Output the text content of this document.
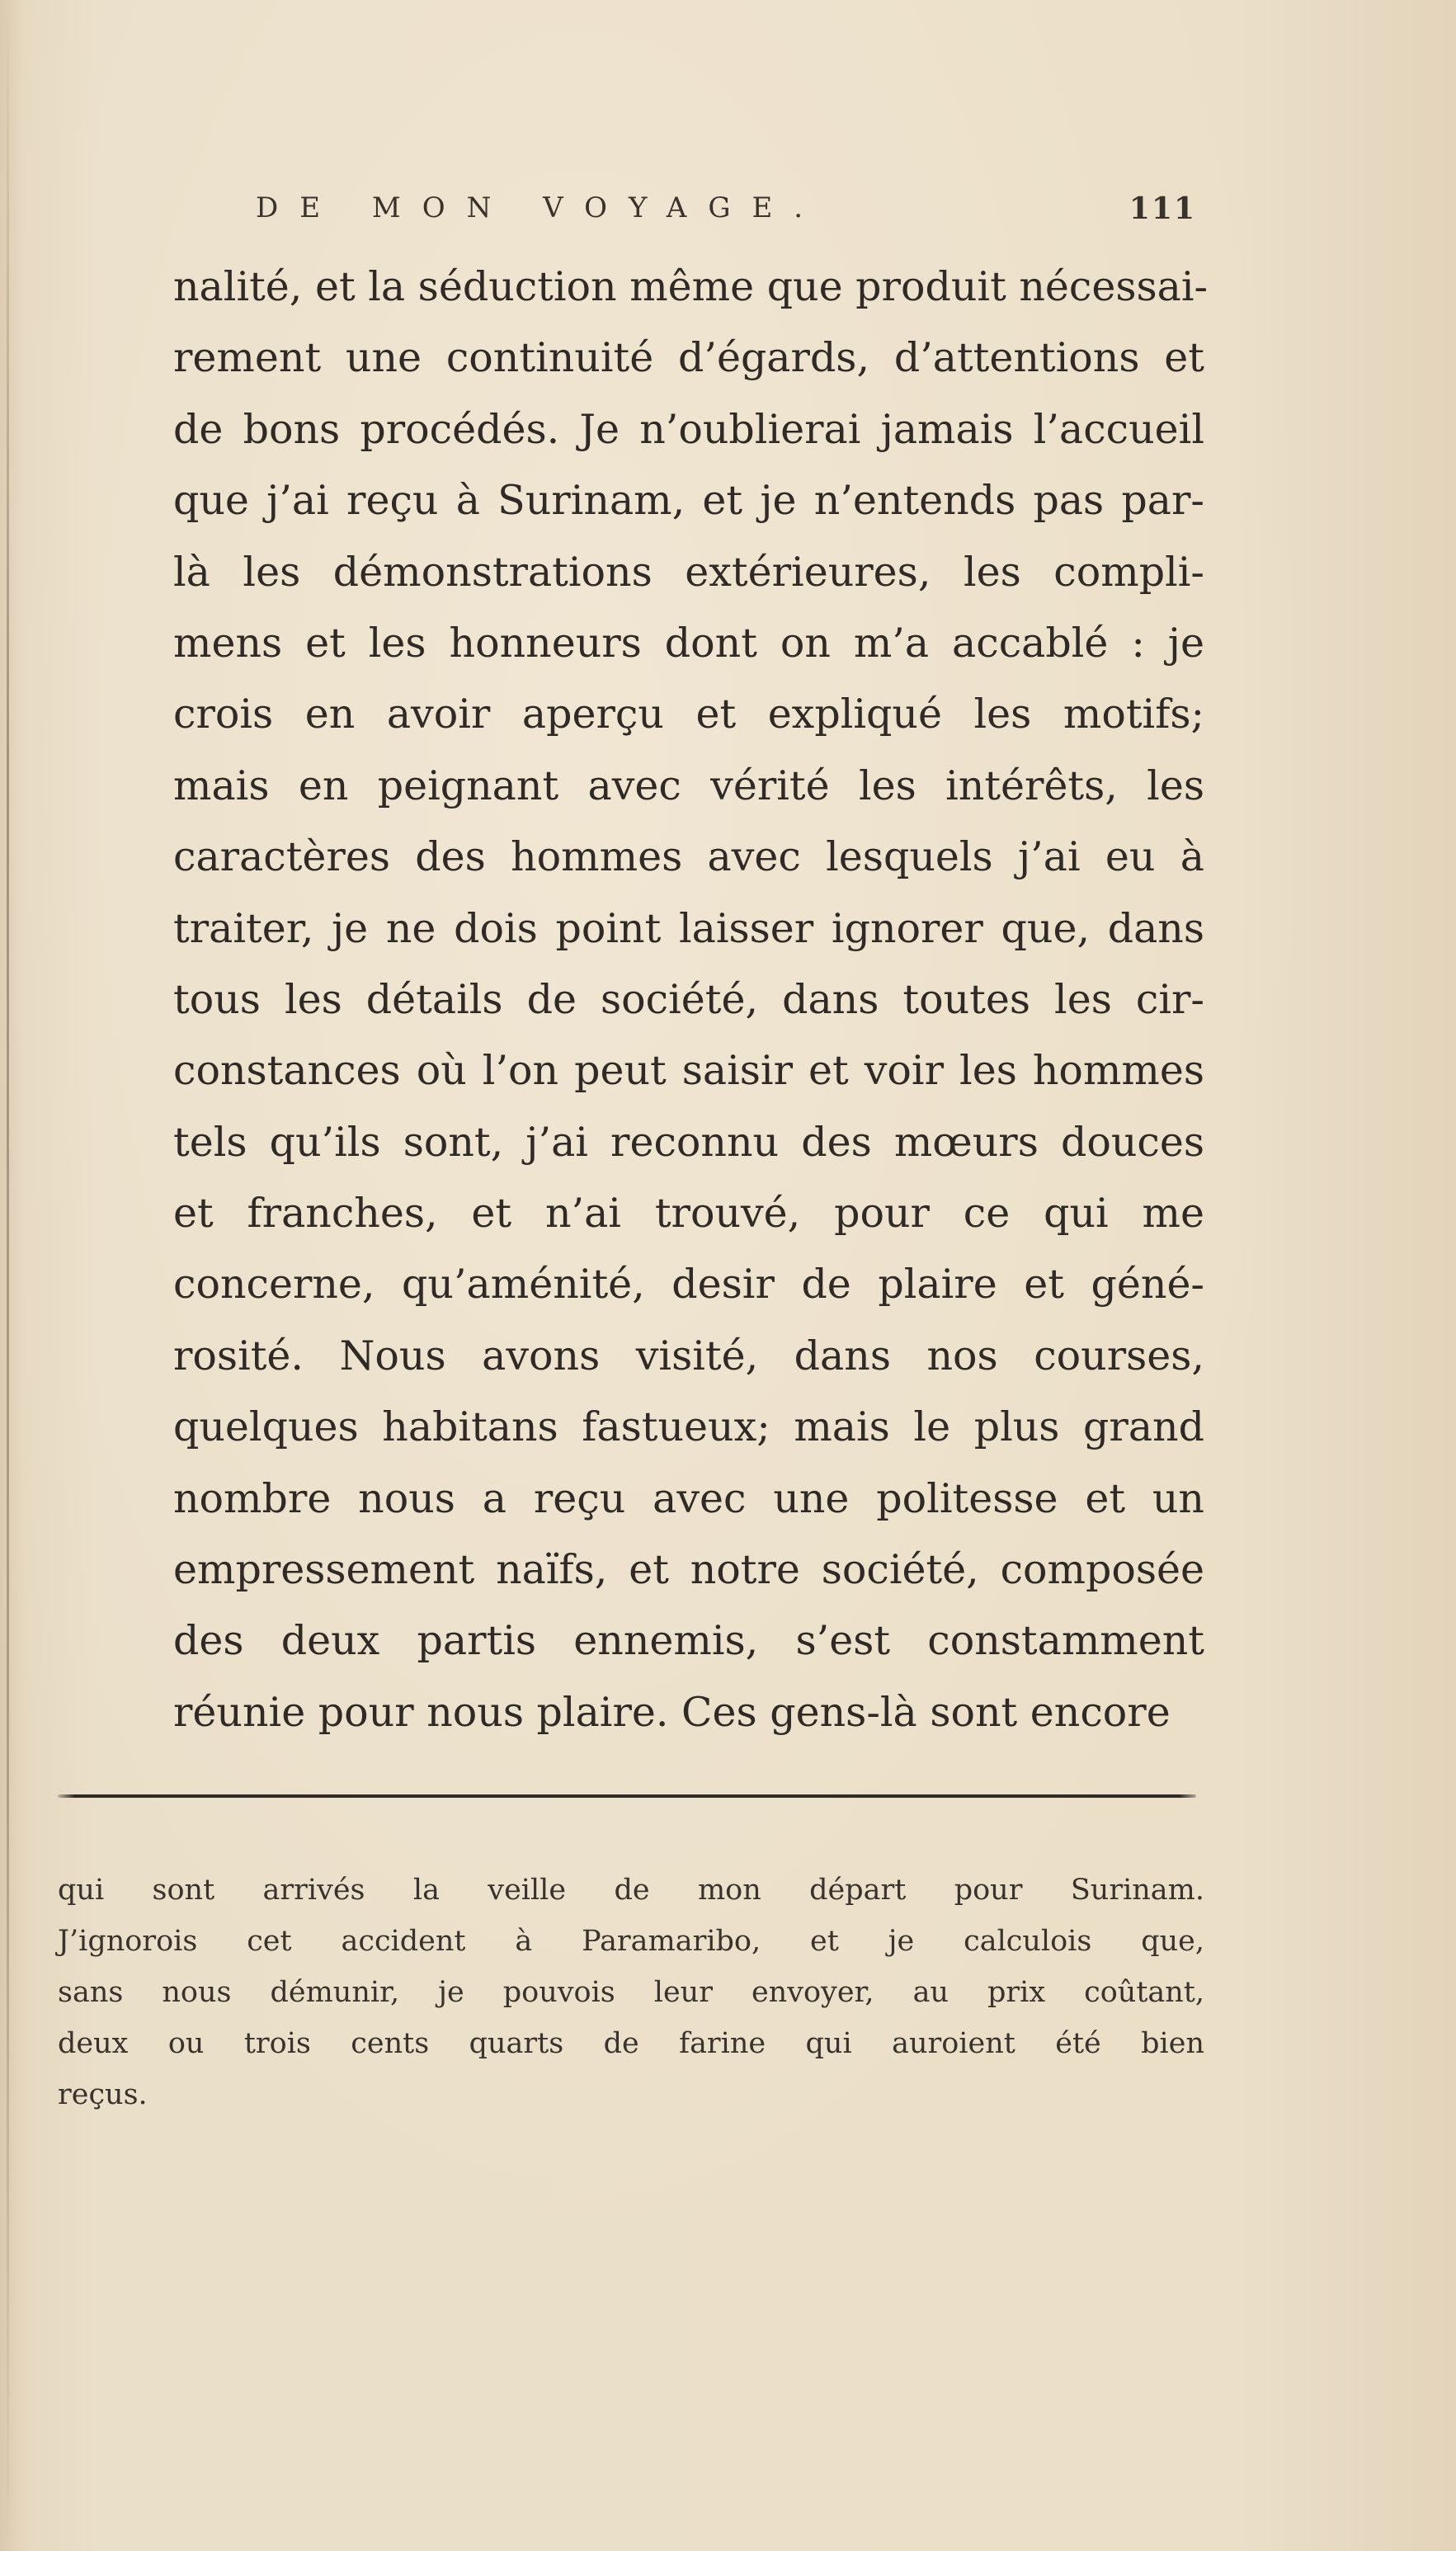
DE MON VOYAGE.	111
nalité, et la séduction même que produit nécessai-
rement une continuité d’égards, d’attentions et
de bons procédés. Je n’oublierai jamais l’accueil
que j’ai reçu à Surinam, et je n’entends pas par-
là les démonstrations extérieures, les compli-
mens et les honneurs dont on m’a accablé : je
crois en avoir aperçu et expliqué les motifs;
mais en peignant avec vérité les intérêts, les
caractères des hommes avec lesquels j’ai eu à
traiter, je ne dois point laisser ignorer que, dans
tous les détails de société, dans toutes les cir-
constances où l’on peut saisir et voir les hommes
tels qu’ils sont, j’ai reconnu des mœurs douces
et franches, et n’ai trouvé, pour ce qui me
concerne, qu’aménité, desir de plaire et géné-
rosité. Nous avons visité, dans nos courses,
quelques habitans fastueux; mais le plus grand
nombre nous a reçu avec une politesse et un
empressement naïfs, et notre société, composée
des deux partis ennemis, s’est constamment
réunie pour nous plaire. Ces gens-là sont encore
qui sont arrivés la veille de mon départ pour Surinam.
J’ignorois cet accident à Paramaribo, et je calculois que,
sans nous démunir, je pouvois leur envoyer, au prix coûtant,
deux ou trois cents quarts de farine qui auroient été bien
reçus.
